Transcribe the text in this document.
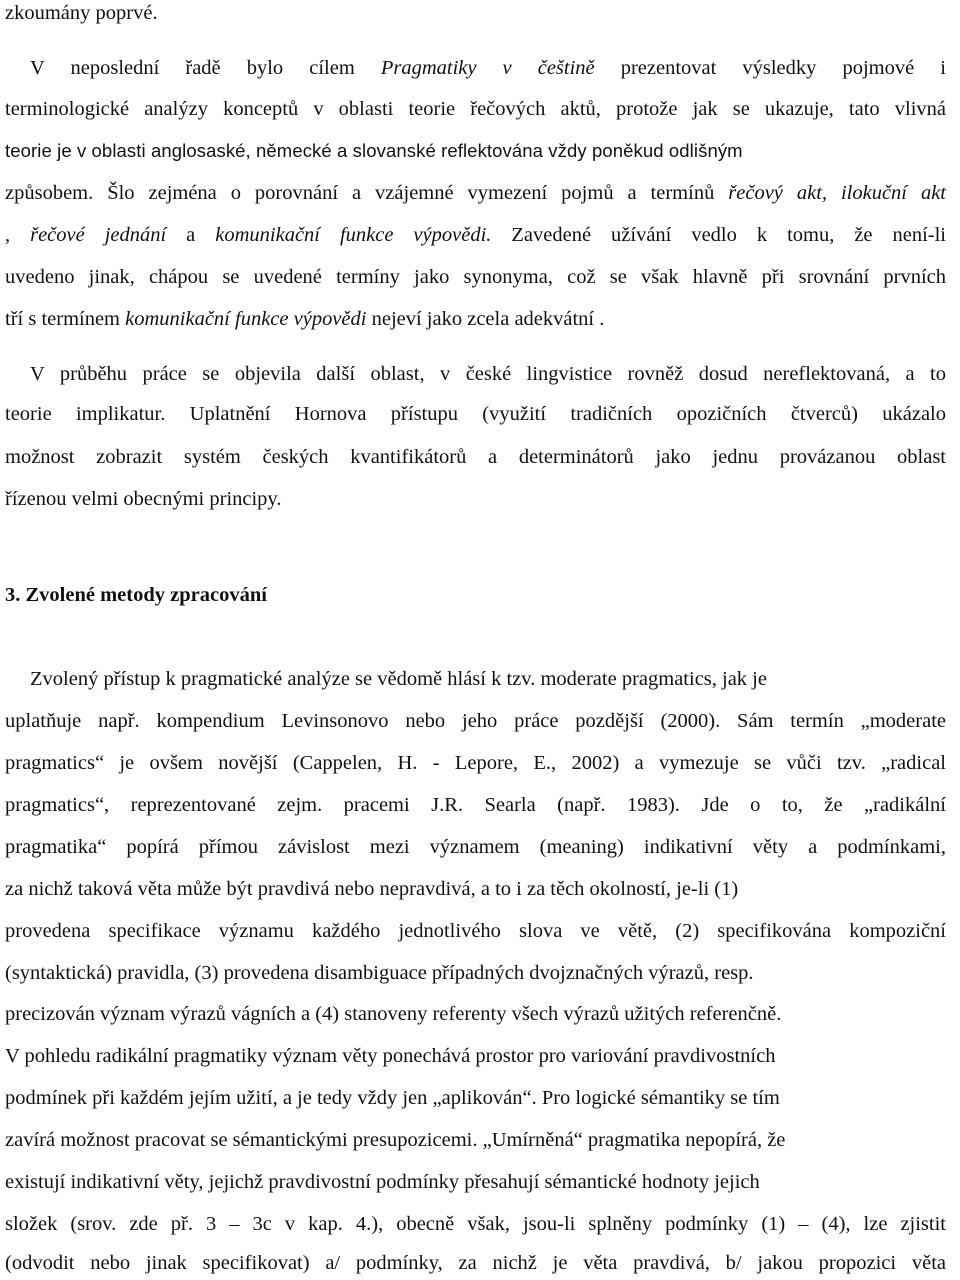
zkoumány poprvé.
V neposlední řadě bylo cílem Pragmatiky v češtině prezentovat výsledky pojmové i
terminologické analýzy konceptů v oblasti teorie řečových aktů, protože jak se ukazuje, tato vlivná
teorie je v oblasti anglosaské, německé a slovanské reflektována vždy poněkud odlišným
způsobem. Šlo zejména o porovnání a vzájemné vymezení pojmů a termínů řečový akt, ilokuční akt
, řečové jednání a komunikační funkce výpovědi. Zavedené užívání vedlo k tomu, že není-li
uvedeno jinak, chápou se uvedené termíny jako synonyma, což se však hlavně při srovnání prvních
tří s termínem komunikační funkce výpovědi nejeví jako zcela adekvátní .
V průběhu práce se objevila další oblast, v české lingvistice rovněž dosud nereflektovaná, a to
teorie implikatur. Uplatnění Hornova přístupu (využití tradičních opozičních čtverců) ukázalo
možnost zobrazit systém českých kvantifikátorů a determinátorů jako jednu provázanou oblast
řízenou velmi obecnými principy.
3. Zvolené metody zpracování
Zvolený přístup k pragmatické analýze se vědomě hlásí k tzv. moderate pragmatics, jak je
uplatňuje např. kompendium Levinsonovo nebo jeho práce pozdější (2000). Sám termín „moderate
pragmatics“ je ovšem novější (Cappelen, H. - Lepore, E., 2002) a vymezuje se vůči tzv. „radical
pragmatics“, reprezentované zejm. pracemi J.R. Searla (např. 1983). Jde o to, že „radikální
pragmatika“ popírá přímou závislost mezi významem (meaning) indikativní věty a podmínkami,
za nichž taková věta může být pravdivá nebo nepravdivá, a to i za těch okolností, je-li (1)
provedena specifikace významu každého jednotlivého slova ve větě, (2) specifikována kompoziční
(syntaktická) pravidla, (3) provedena disambiguace případných dvojznačných výrazů, resp.
precizován význam výrazů vágních a (4) stanoveny referenty všech výrazů užitých referenčně.
V pohledu radikální pragmatiky význam věty ponechává prostor pro variování pravdivostních
podmínek při každém jejím užití, a je tedy vždy jen „aplikován“. Pro logické sémantiky se tím
zavírá možnost pracovat se sémantickými presupozicemi. „Umírněná“ pragmatika nepopírá, že
existují indikativní věty, jejichž pravdivostní podmínky přesahují sémantické hodnoty jejich
složek (srov. zde př. 3 – 3c v kap. 4.), obecně však, jsou-li splněny podmínky (1) – (4), lze zjistit
(odvodit nebo jinak specifikovat) a/ podmínky, za nichž je věta pravdivá, b/ jakou propozici věta
